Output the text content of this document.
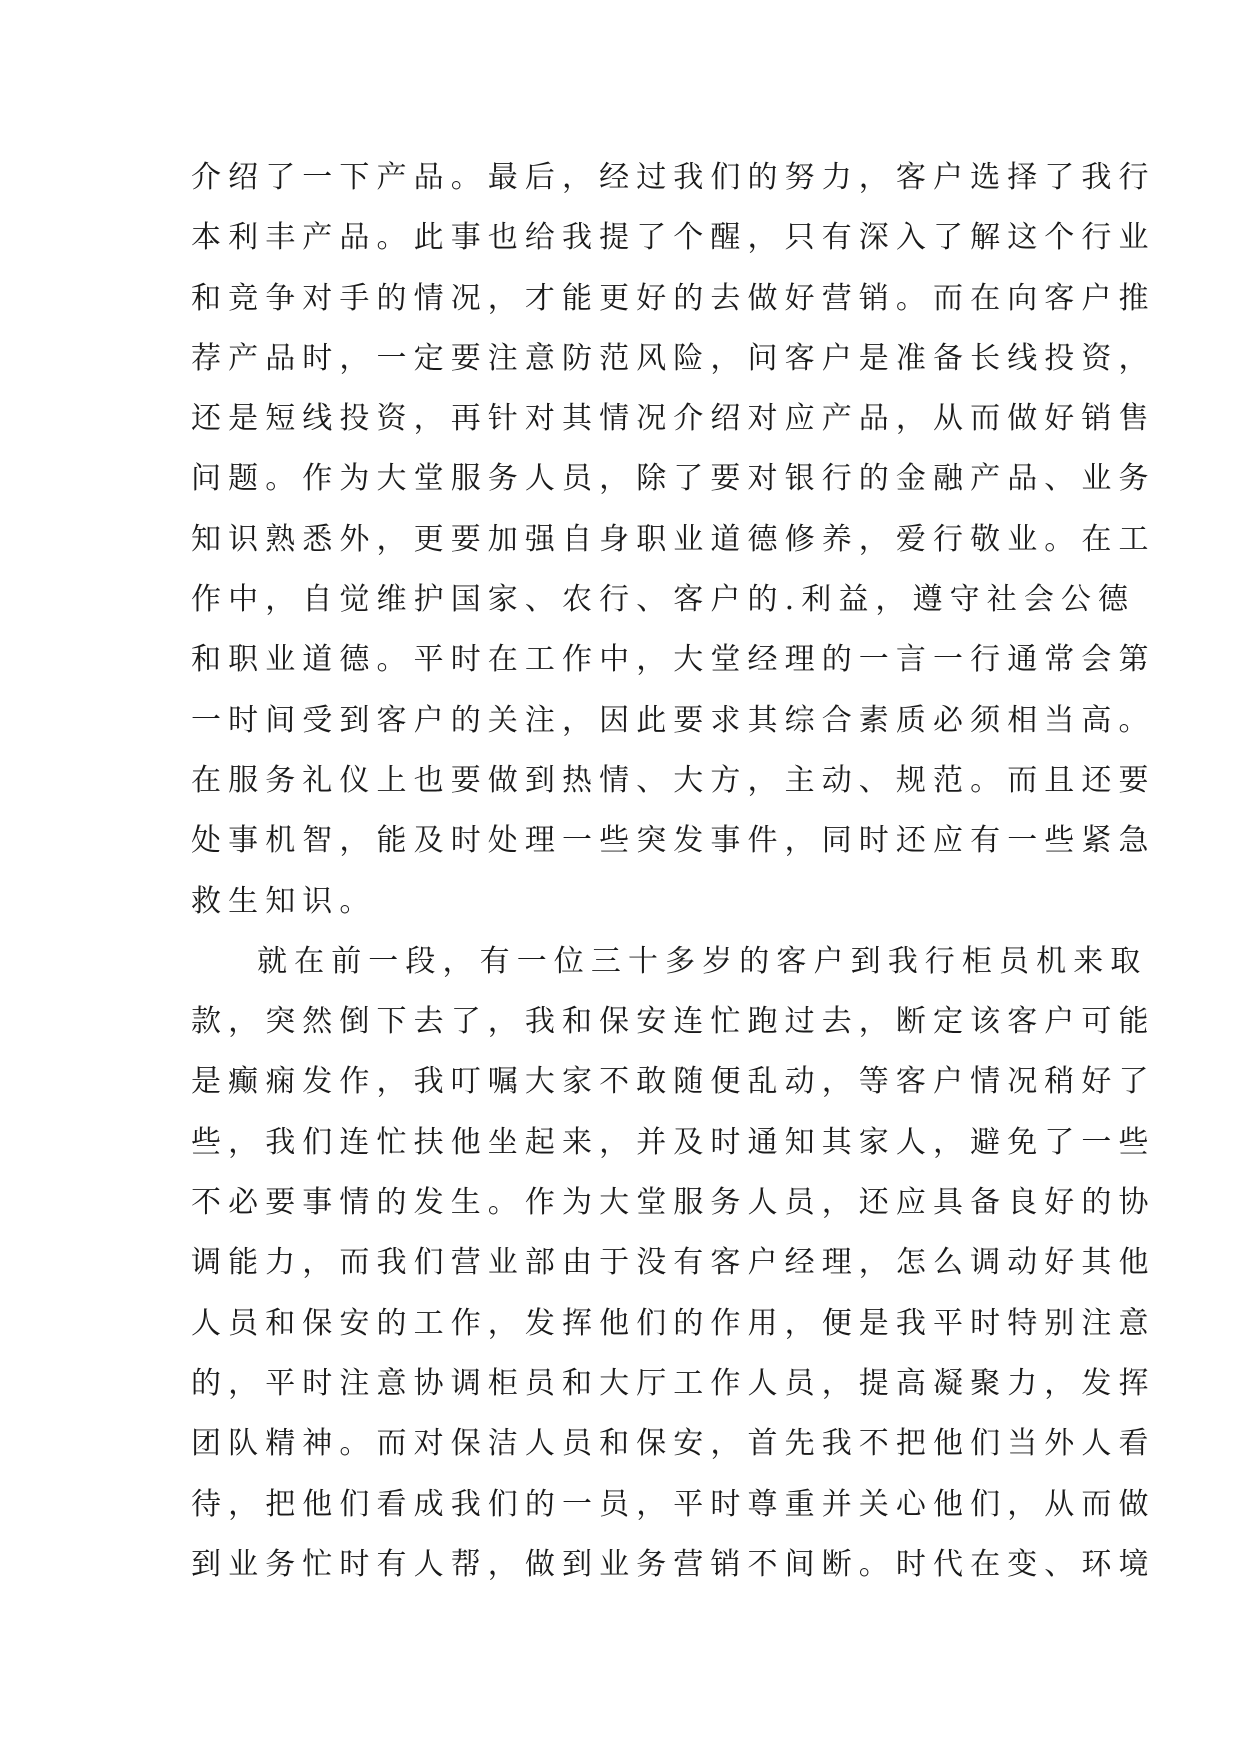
介绍了一下产品。最后，经过我们的努力，客户选择了我行
本利丰产品。此事也给我提了个醒，只有深入了解这个行业
和竞争对手的情况，才能更好的去做好营销。而在向客户推
荐产品时，一定要注意防范风险，问客户是准备长线投资，
还是短线投资，再针对其情况介绍对应产品，从而做好销售
问题。作为大堂服务人员，除了要对银行的金融产品、业务
知识熟悉外，更要加强自身职业道德修养，爱行敬业。在工
作中，自觉维护国家、农行、客户的.利益，遵守社会公德
和职业道德。平时在工作中，大堂经理的一言一行通常会第
一时间受到客户的关注，因此要求其综合素质必须相当高。
在服务礼仪上也要做到热情、大方，主动、规范。而且还要
处事机智，能及时处理一些突发事件，同时还应有一些紧急
救生知识。
就在前一段，有一位三十多岁的客户到我行柜员机来取
款，突然倒下去了，我和保安连忙跑过去，断定该客户可能
是癫痫发作，我叮嘱大家不敢随便乱动，等客户情况稍好了
些，我们连忙扶他坐起来，并及时通知其家人，避免了一些
不必要事情的发生。作为大堂服务人员，还应具备良好的协
调能力，而我们营业部由于没有客户经理，怎么调动好其他
人员和保安的工作，发挥他们的作用，便是我平时特别注意
的，平时注意协调柜员和大厅工作人员，提高凝聚力，发挥
团队精神。而对保洁人员和保安，首先我不把他们当外人看
待，把他们看成我们的一员，平时尊重并关心他们，从而做
到业务忙时有人帮，做到业务营销不间断。时代在变、环境
